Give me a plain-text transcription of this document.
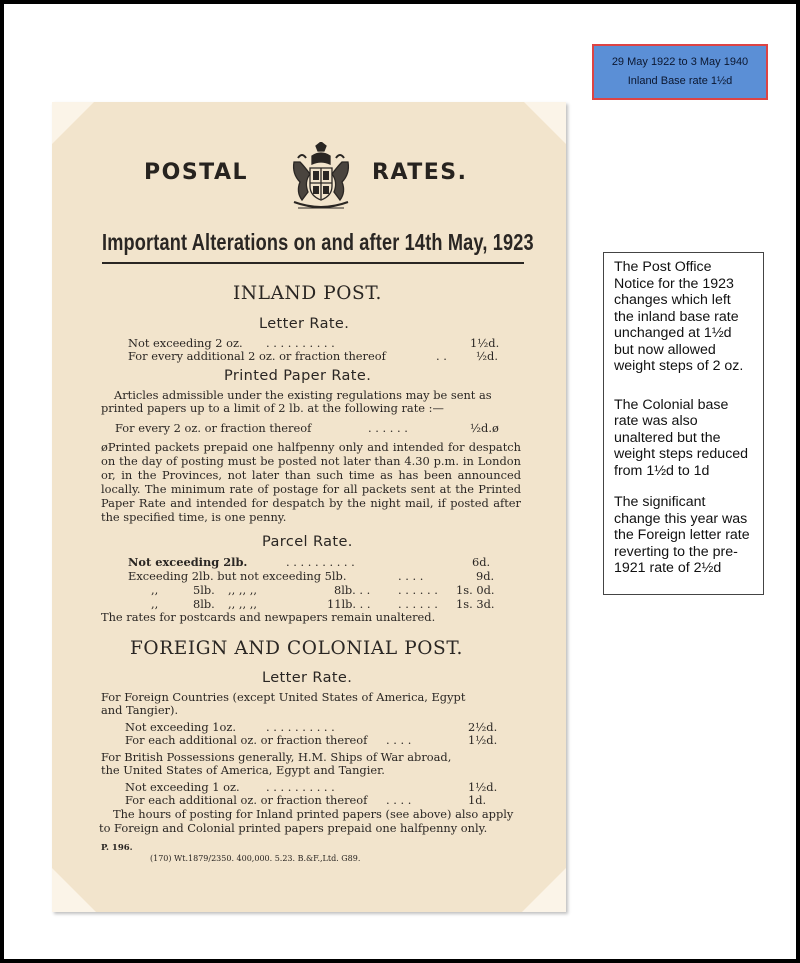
29 May 1922 to 3 May 1940
Inland Base rate 1½d

The Post Office Notice for the 1923 changes which left the inland base rate unchanged at 1½d but now allowed weight steps of 2 oz.

The Colonial base rate was also unaltered but the weight steps reduced from 1½d to 1d

The significant change this year was the Foreign letter rate reverting to the pre-1921 rate of 2½d

POSTAL	RATES.
Important Alterations on and after 14th May, 1923
INLAND POST.
Letter Rate.
Not exceeding 2 oz. . . . . . . . . . .	1½d.
For every additional 2 oz. or fraction thereof	. .	½d.
Printed Paper Rate.
Articles admissible under the existing regulations may be sent as
printed papers up to a limit of 2 lb. at the following rate :—
For every 2 oz. or fraction thereof	. . . . . .	½d.ø
øPrinted packets prepaid one halfpenny only and intended for despatch on the day of posting must be posted not later than 4.30 p.m. in London or, in the Provinces, not later than such time as has been announced locally. The minimum rate of postage for all packets sent at the Printed Paper Rate and intended for despatch by the night mail, if posted after the specified time, is one penny.
Parcel Rate.
Not exceeding 2lb.	. . . . . . . . . .	6d.
Exceeding 2lb. but not exceeding 5lb.	. . . .	9d.
,,	5lb. ,, ,, ,,	8lb. . . . . . . . . 1s. 0d.
,,	8lb. ,, ,, ,,	11lb. . . . . . . . . 1s. 3d.
The rates for postcards and newpapers remain unaltered.
FOREIGN AND COLONIAL POST.
Letter Rate.
For Foreign Countries (except United States of America, Egypt
and Tangier).
Not exceeding 1oz.	. . . . . . . . . .	2½d.
For each additional oz. or fraction thereof . . . .	1½d.
For British Possessions generally, H.M. Ships of War abroad,
the United States of America, Egypt and Tangier.
Not exceeding 1 oz. . . . . . . . . . .	1½d.
For each additional oz. or fraction thereof . . . .	1d.
The hours of posting for Inland printed papers (see above) also apply
to Foreign and Colonial printed papers prepaid one halfpenny only.
P. 196.
(170) Wt.1879/2350. 400,000. 5.23. B.&F.,Ltd. G89.
